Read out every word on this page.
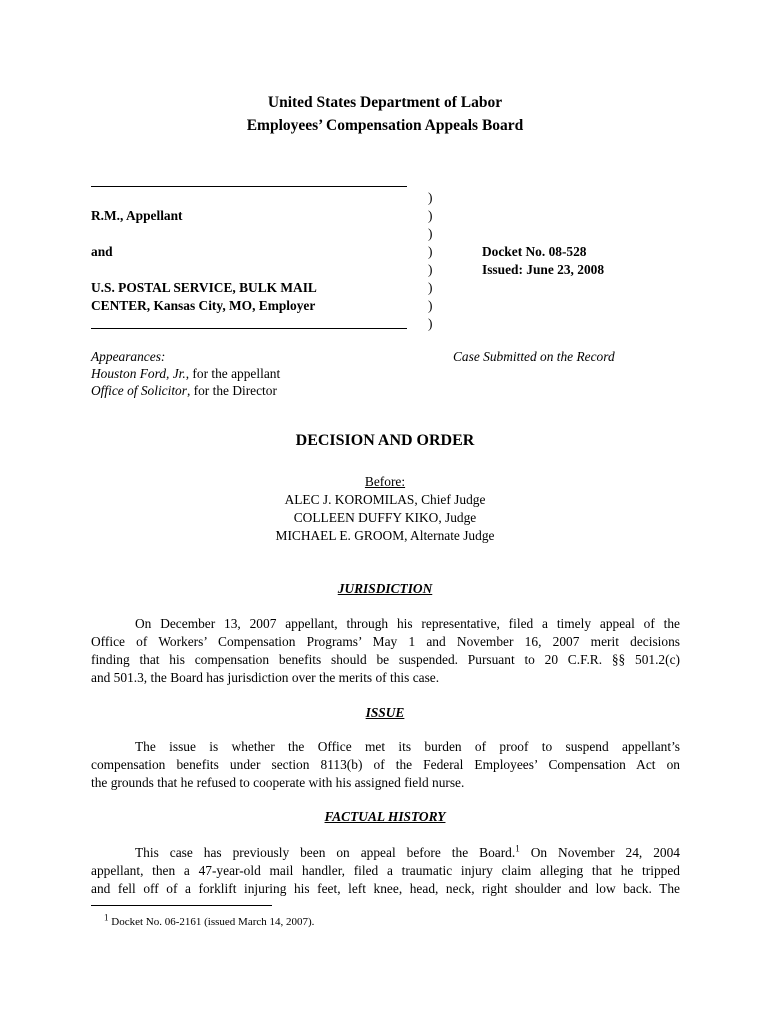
United States Department of Labor
Employees’ Compensation Appeals Board
R.M., Appellant
and
U.S. POSTAL SERVICE, BULK MAIL
CENTER, Kansas City, MO, Employer
)
)
)
)
)
)
)
)
Docket No. 08-528
Issued: June 23, 2008
Appearances:
Houston Ford, Jr., for the appellant
Office of Solicitor, for the Director
Case Submitted on the Record
DECISION AND ORDER
Before:
ALEC J. KOROMILAS, Chief Judge
COLLEEN DUFFY KIKO, Judge
MICHAEL E. GROOM, Alternate Judge
JURISDICTION
On December 13, 2007 appellant, through his representative, filed a timely appeal of the
Office of Workers’ Compensation Programs’ May 1 and November 16, 2007 merit decisions
finding that his compensation benefits should be suspended. Pursuant to 20 C.F.R. §§ 501.2(c)
and 501.3, the Board has jurisdiction over the merits of this case.
ISSUE
The issue is whether the Office met its burden of proof to suspend appellant’s
compensation benefits under section 8113(b) of the Federal Employees’ Compensation Act on
the grounds that he refused to cooperate with his assigned field nurse.
FACTUAL HISTORY
This case has previously been on appeal before the Board.$^1$ On November 24, 2004
appellant, then a 47-year-old mail handler, filed a traumatic injury claim alleging that he tripped
and fell off of a forklift injuring his feet, left knee, head, neck, right shoulder and low back. The
$^1$ Docket No. 06-2161 (issued March 14, 2007).
